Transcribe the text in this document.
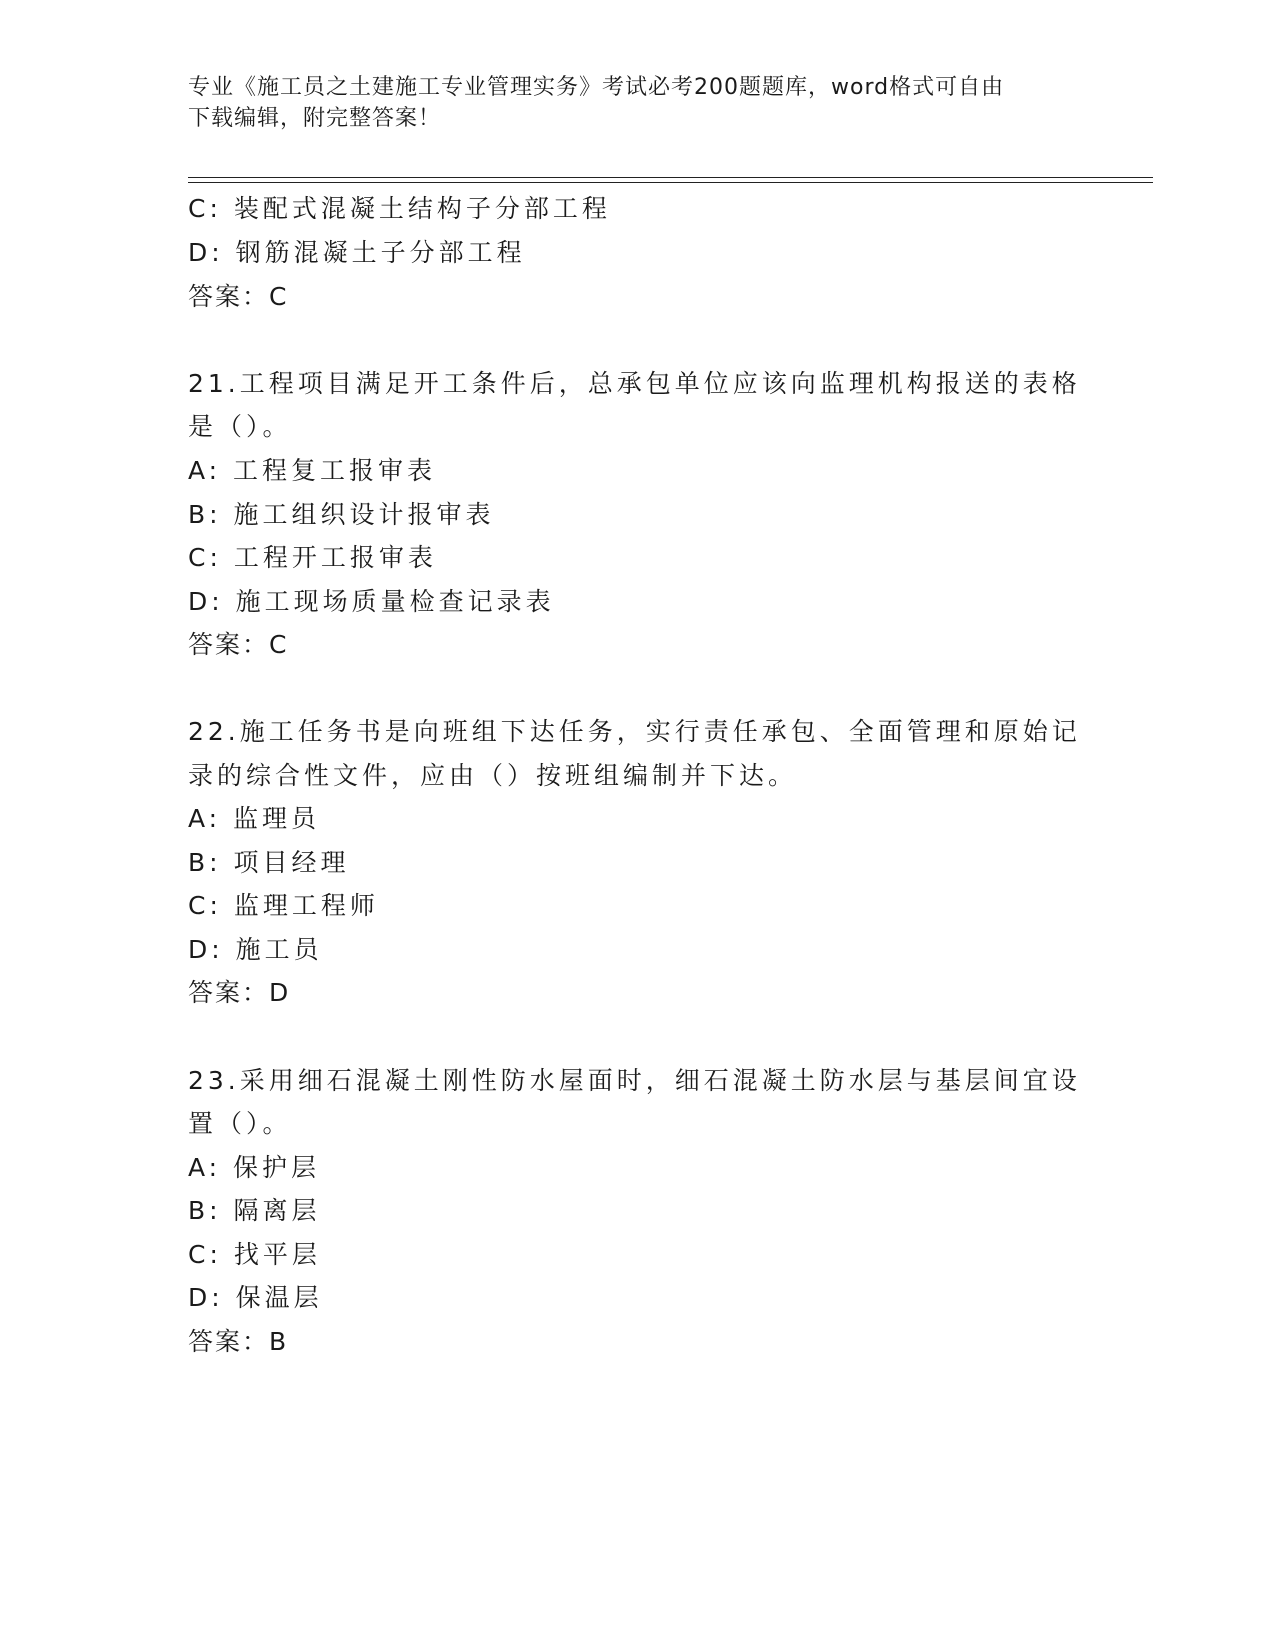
专业《施工员之土建施工专业管理实务》考试必考200题题库，word格式可自由
下载编辑，附完整答案！
C: 装配式混凝土结构子分部工程
D: 钢筋混凝土子分部工程
答案：C
21.工程项目满足开工条件后，总承包单位应该向监理机构报送的表格
是（）。
A: 工程复工报审表
B: 施工组织设计报审表
C: 工程开工报审表
D: 施工现场质量检查记录表
答案：C
22.施工任务书是向班组下达任务，实行责任承包、全面管理和原始记
录的综合性文件，应由（）按班组编制并下达。
A: 监理员
B: 项目经理
C: 监理工程师
D: 施工员
答案：D
23.采用细石混凝土刚性防水屋面时，细石混凝土防水层与基层间宜设
置（）。
A: 保护层
B: 隔离层
C: 找平层
D: 保温层
答案：B
